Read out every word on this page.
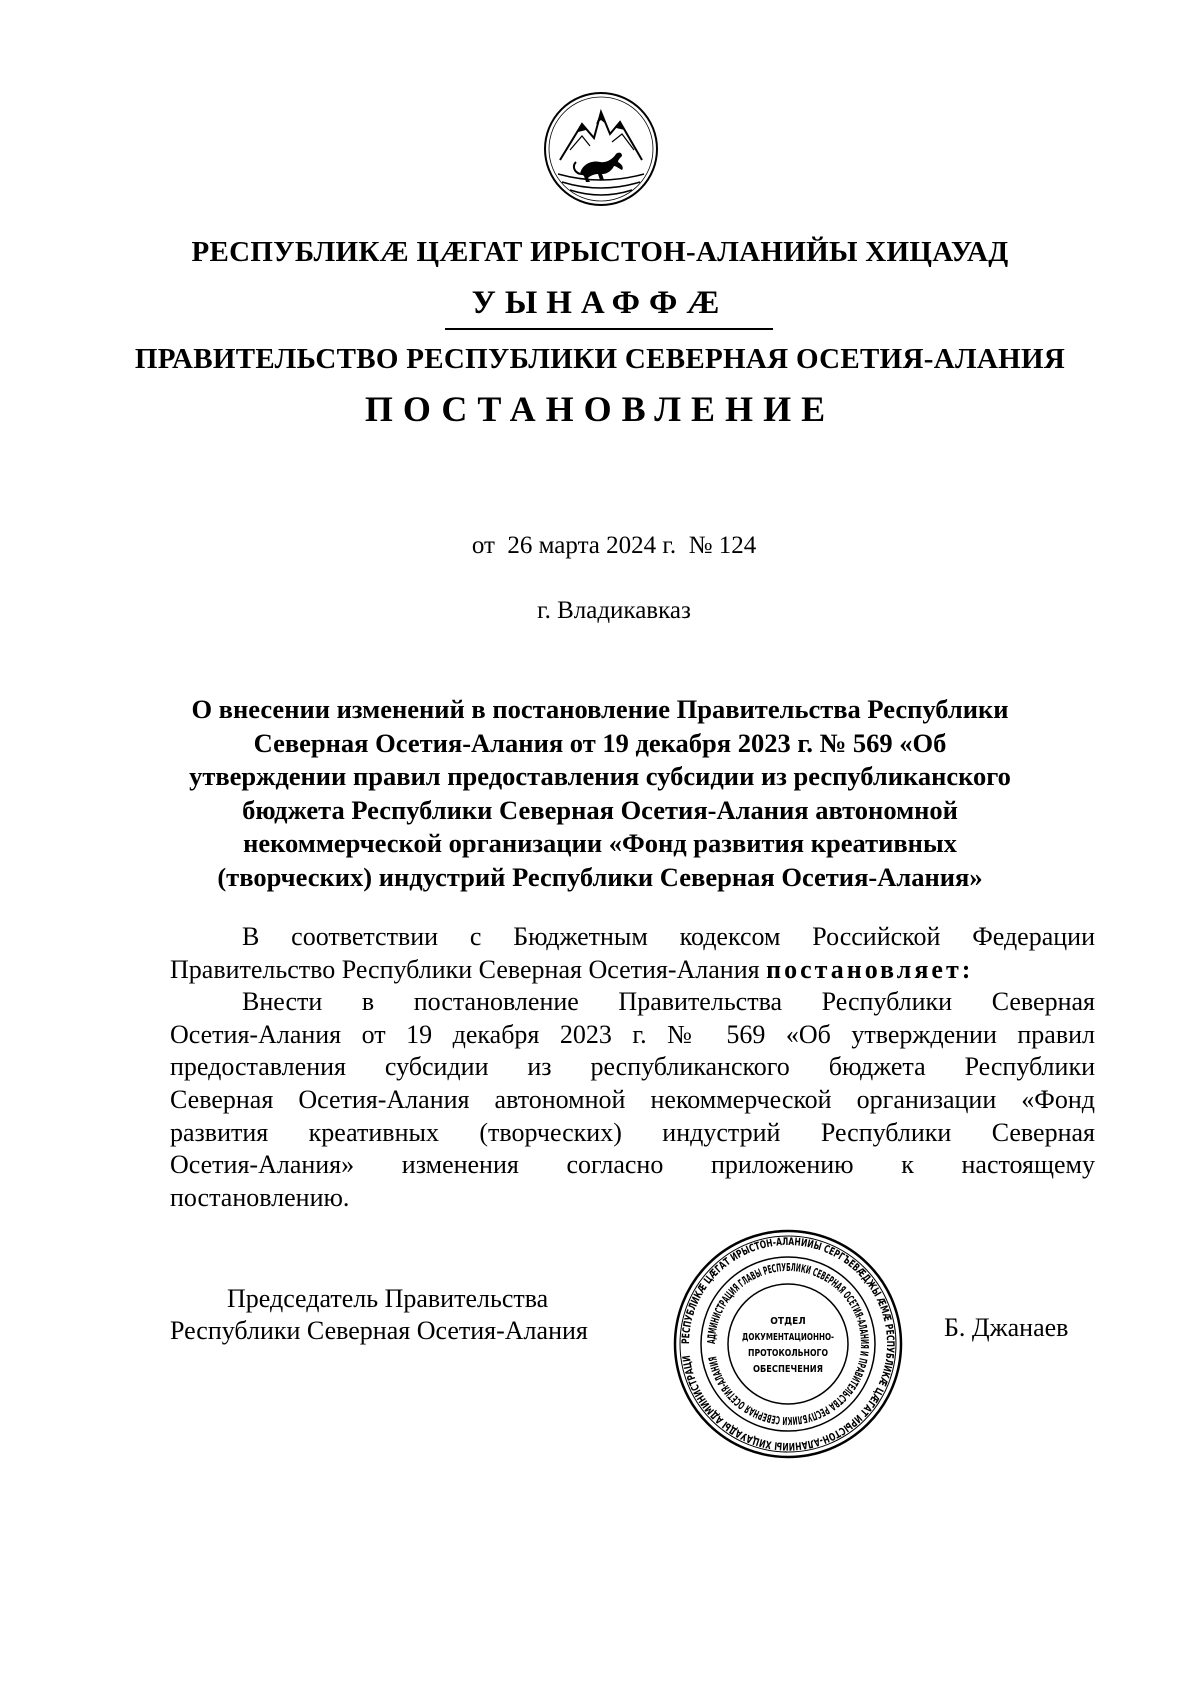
РЕСПУБЛИКӔ ЦӔГАТ ИРЫСТОН-АЛАНИЙЫ ХИЦАУАД
УЫНАФФӔ
ПРАВИТЕЛЬСТВО РЕСПУБЛИКИ СЕВЕРНАЯ ОСЕТИЯ-АЛАНИЯ
ПОСТАНОВЛЕНИЕ
от  26 марта 2024 г.  № 124
г. Владикавказ
О внесении изменений в постановление Правительства Республики
Северная Осетия-Алания от 19 декабря 2023 г. № 569 «Об
утверждении правил предоставления субсидии из республиканского
бюджета Республики Северная Осетия-Алания автономной
некоммерческой организации «Фонд развития креативных
(творческих) индустрий Республики Северная Осетия-Алания»
В соответствии с Бюджетным кодексом Российской Федерации
Правительство Республики Северная Осетия-Алания постановляет:
Внести в постановление Правительства Республики Северная
Осетия-Алания от 19 декабря 2023 г. № 569 «Об утверждении правил
предоставления субсидии из республиканского бюджета Республики
Северная Осетия-Алания автономной некоммерческой организации «Фонд
развития креативных (творческих) индустрий Республики Северная
Осетия-Алания» изменения согласно приложению к настоящему
постановлению.
Председатель Правительства
Республики Северная Осетия-Алания	Б. Джанаев
РЕСПУБЛИКӔ ЦӔГАТ ИРЫСТОН-АЛАНИЙЫ СЕРГЪЕВӔДЖЫ ӔМӔ РЕСПУБЛИКӔ ЦӔГАТ ИРЫСТОН-АЛАНИЙЫ ХИЦАУАДЫ АДМИНИСТРАЦИ
АДМИНИСТРАЦИЯ ГЛАВЫ РЕСПУБЛИКИ СЕВЕРНАЯ ОСЕТИЯ-АЛАНИЯ И ПРАВИТЕЛЬСТВА РЕСПУБЛИКИ СЕВЕРНАЯ ОСЕТИЯ-АЛАНИЯ
ОТДЕЛ
ДОКУМЕНТАЦИОННО-
ПРОТОКОЛЬНОГО
ОБЕСПЕЧЕНИЯ
